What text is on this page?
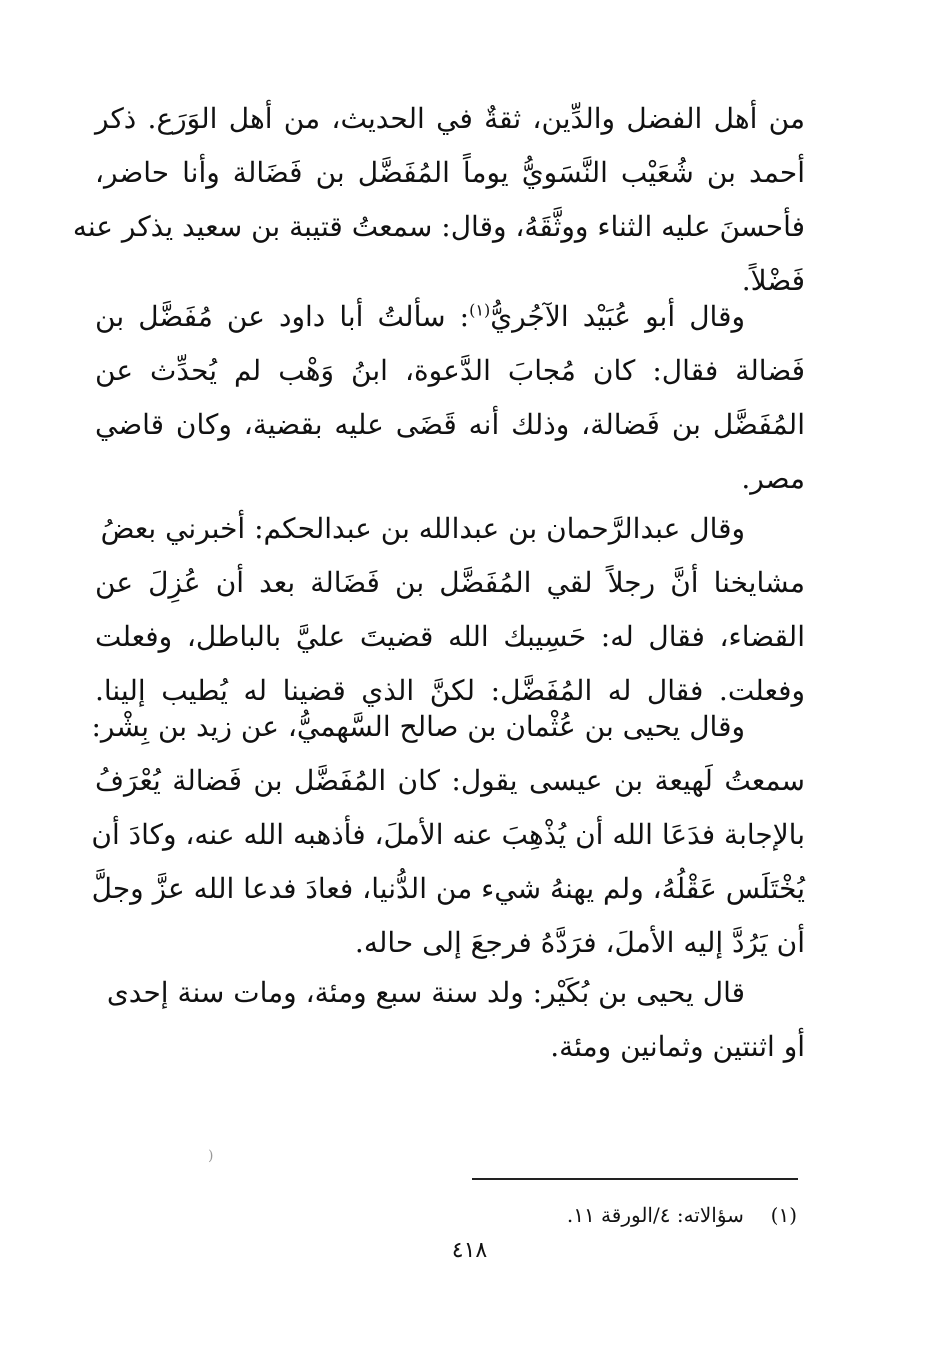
من أهل الفضل والدِّين، ثقةٌ في الحديث، من أهل الوَرَع. ذكر
أحمد بن شُعَيْب النَّسَويُّ يوماً المُفَضَّل بن فَضَالة وأنا حاضر،
فأحسنَ عليه الثناء ووثَّقَهُ، وقال: سمعتُ قتيبة بن سعيد يذكر عنه
فَضْلاً.
وقال أبو عُبَيْد الآجُريُّ$^{(١)}$: سألتُ أبا داود عن مُفَضَّل بن
فَضالة فقال: كان مُجابَ الدَّعوة، ابنُ وَهْب لم يُحدِّث عن
المُفَضَّل بن فَضالة، وذلك أنه قَضَى عليه بقضية، وكان قاضي
مصر.
وقال عبدالرَّحمان بن عبدالله بن عبدالحكم: أخبرني بعضُ
مشايخنا أنَّ رجلاً لقي المُفَضَّل بن فَضَالة بعد أن عُزِلَ عن
القضاء، فقال له: حَسِيبك الله قضيتَ عليَّ بالباطل، وفعلت
وفعلت. فقال له المُفَضَّل: لكنَّ الذي قضينا له يُطيب إلينا.
وقال يحيى بن عُثْمان بن صالح السَّهميُّ، عن زيد بن بِشْر:
سمعتُ لَهيعة بن عيسى يقول: كان المُفَضَّل بن فَضالة يُعْرَفُ
بالإجابة فدَعَا الله أن يُذْهِبَ عنه الأملَ، فأذهبه الله عنه، وكادَ أن
يُخْتَلَس عَقْلُهُ، ولم يهنهُ شيء من الدُّنيا، فعادَ فدعا الله عزَّ وجلَّ
أن يَرُدَّ إليه الأملَ، فرَدَّهُ فرجعَ إلى حاله.
قال يحيى بن بُكَيْر: ولد سنة سبع ومئة، ومات سنة إحدى
أو اثنتين وثمانين ومئة.
(
(١)  سؤالاته: ٤/الورقة ١١.
٤١٨
